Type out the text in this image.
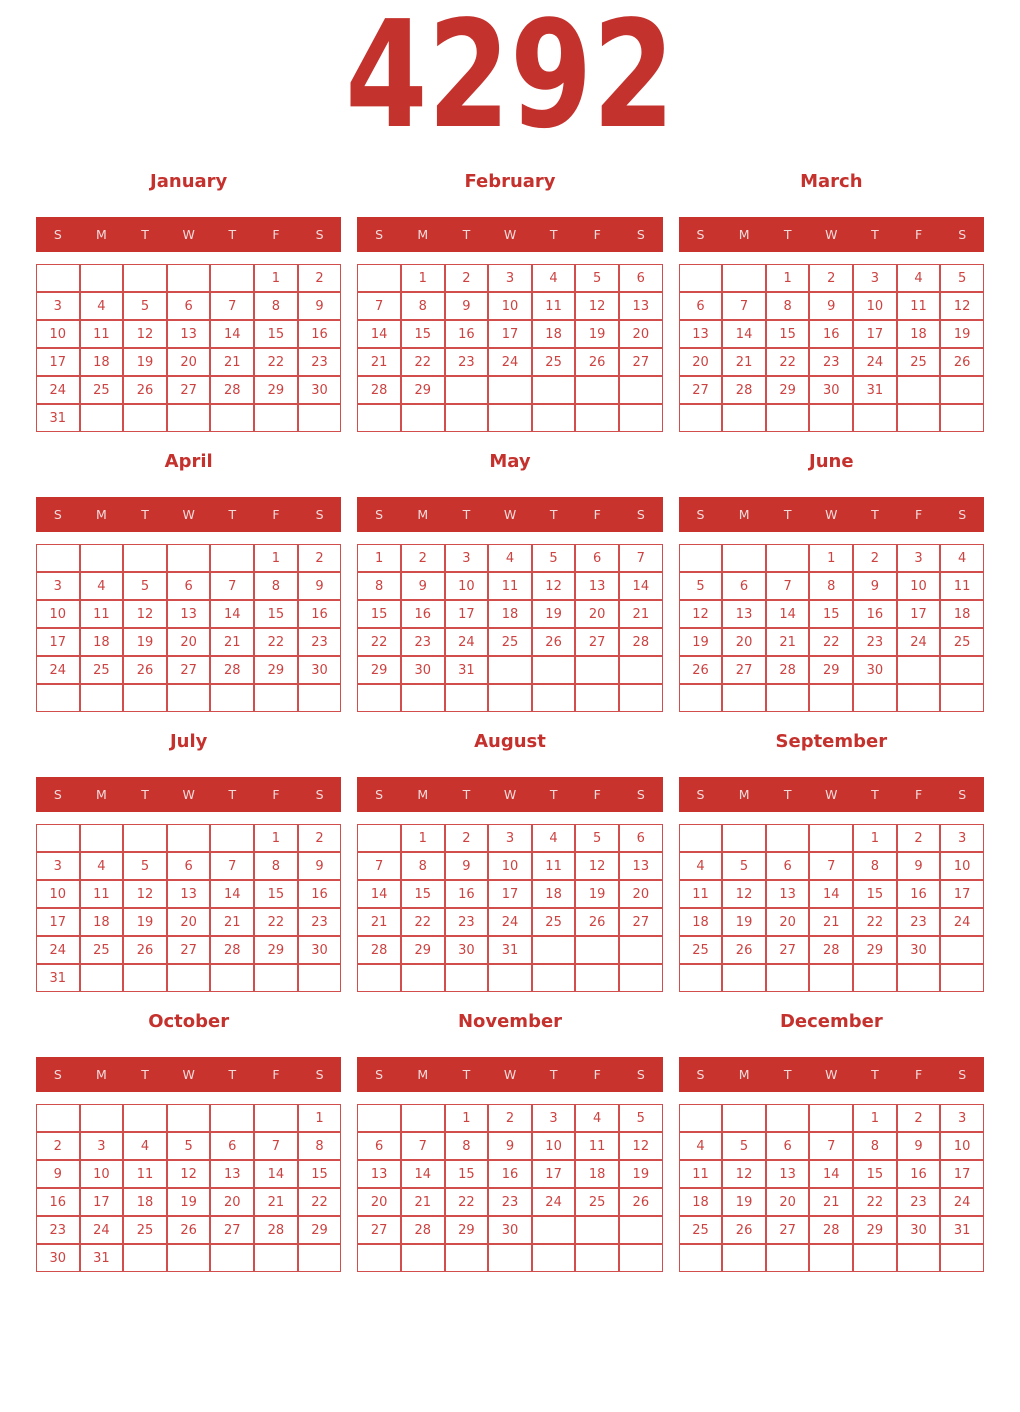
4292
January
S	M	T	W	T	F	S
					1	2
3	4	5	6	7	8	9
10	11	12	13	14	15	16
17	18	19	20	21	22	23
24	25	26	27	28	29	30
31						
February
S	M	T	W	T	F	S
	1	2	3	4	5	6
7	8	9	10	11	12	13
14	15	16	17	18	19	20
21	22	23	24	25	26	27
28	29					

March
S	M	T	W	T	F	S
		1	2	3	4	5
6	7	8	9	10	11	12
13	14	15	16	17	18	19
20	21	22	23	24	25	26
27	28	29	30	31		

April
S	M	T	W	T	F	S
					1	2
3	4	5	6	7	8	9
10	11	12	13	14	15	16
17	18	19	20	21	22	23
24	25	26	27	28	29	30

May
S	M	T	W	T	F	S
1	2	3	4	5	6	7
8	9	10	11	12	13	14
15	16	17	18	19	20	21
22	23	24	25	26	27	28
29	30	31				

June
S	M	T	W	T	F	S
			1	2	3	4
5	6	7	8	9	10	11
12	13	14	15	16	17	18
19	20	21	22	23	24	25
26	27	28	29	30		

July
S	M	T	W	T	F	S
					1	2
3	4	5	6	7	8	9
10	11	12	13	14	15	16
17	18	19	20	21	22	23
24	25	26	27	28	29	30
31						
August
S	M	T	W	T	F	S
	1	2	3	4	5	6
7	8	9	10	11	12	13
14	15	16	17	18	19	20
21	22	23	24	25	26	27
28	29	30	31			

September
S	M	T	W	T	F	S
				1	2	3
4	5	6	7	8	9	10
11	12	13	14	15	16	17
18	19	20	21	22	23	24
25	26	27	28	29	30	

October
S	M	T	W	T	F	S
						1
2	3	4	5	6	7	8
9	10	11	12	13	14	15
16	17	18	19	20	21	22
23	24	25	26	27	28	29
30	31					
November
S	M	T	W	T	F	S
		1	2	3	4	5
6	7	8	9	10	11	12
13	14	15	16	17	18	19
20	21	22	23	24	25	26
27	28	29	30			

December
S	M	T	W	T	F	S
				1	2	3
4	5	6	7	8	9	10
11	12	13	14	15	16	17
18	19	20	21	22	23	24
25	26	27	28	29	30	31
